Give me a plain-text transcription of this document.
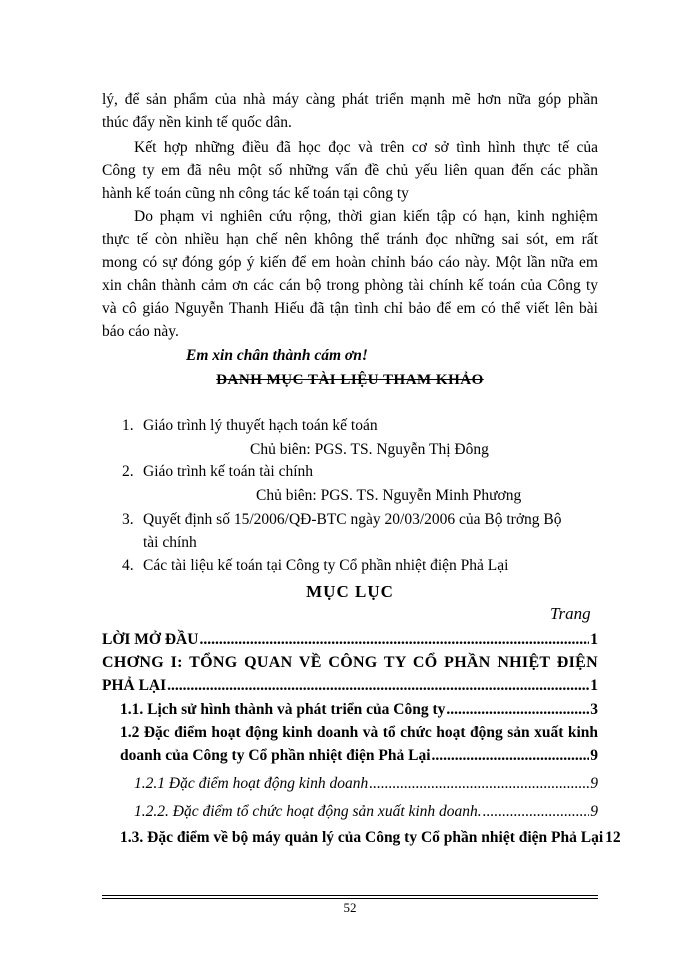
lý, để sản phẩm của nhà máy càng phát triển mạnh mẽ hơn nữa góp phần
thúc đẩy nền kinh tế quốc dân.
Kết hợp những điều đã học đọc và trên cơ sở tình hình thực tế của
Công ty em đã nêu một số những vấn đề chủ yếu liên quan đến các phần
hành kế toán cũng nh công tác kế toán tại công ty
Do phạm vi nghiên cứu rộng, thời gian kiến tập có hạn, kinh nghiệm
thực tế còn nhiều hạn chế nên không thể tránh đọc những sai sót, em rất
mong có sự đóng góp ý kiến để em hoàn chỉnh báo cáo này. Một lần nữa em
xin chân thành cảm ơn các cán bộ trong phòng tài chính kế toán của Công ty
và cô giáo Nguyễn Thanh Hiếu đã tận tình chỉ bảo để em có thể viết lên bài
báo cáo này.
Em xin chân thành cám ơn!
DANH MỤC TÀI LIỆU THAM KHẢO
1. Giáo trình lý thuyết hạch toán kế toán
Chủ biên: PGS. TS. Nguyễn Thị Đông
2. Giáo trình kế toán tài chính
Chủ biên: PGS. TS. Nguyễn Minh Phương
3. Quyết định số 15/2006/QĐ-BTC ngày 20/03/2006 của Bộ trởng Bộ
tài chính
4. Các tài liệu kế toán tại Công ty Cổ phần nhiệt điện Phả Lại
MỤC LỤC
Trang
LỜI MỞ ĐẦU .....	1
CHƠNG I: TỔNG QUAN VỀ CÔNG TY CỔ PHẦN NHIỆT ĐIỆN
PHẢ LẠI .....	1
1.1. Lịch sử hình thành và phát triển của Công ty .....	3
1.2 Đặc điểm hoạt động kinh doanh và tổ chức hoạt động sản xuất kinh
doanh của Công ty Cổ phần nhiệt điện Phả Lại .....	9
1.2.1 Đặc điểm hoạt động kinh doanh .....	9
1.2.2. Đặc điểm tổ chức hoạt động sản xuất kinh doanh. .....	9
1.3. Đặc điểm về bộ máy quản lý của Công ty Cổ phần nhiệt điện Phả Lại 12
52
